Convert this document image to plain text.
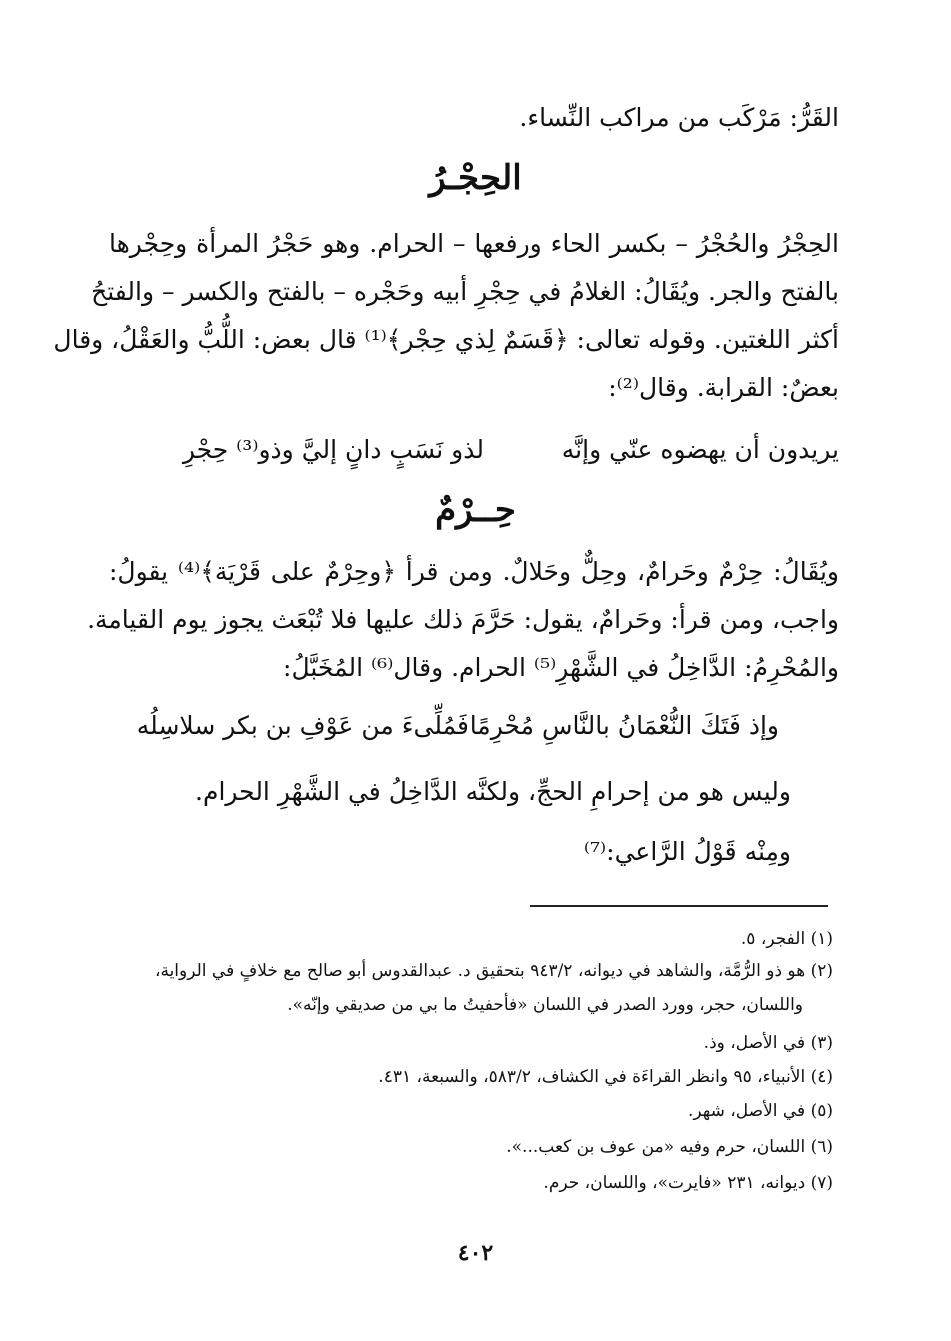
القَرُّ: مَرْكَب من مراكب النِّساء.
الحِجْـرُ
الحِجْرُ والحُجْرُ – بكسر الحاء ورفعها – الحرام. وهو حَجْرُ المرأة وحِجْرها
بالفتح والجر. ويُقَالُ: الغلامُ في حِجْرِ أبيه وحَجْره – بالفتح والكسر – والفتحُ
أكثر اللغتين. وقوله تعالى: ﴿قَسَمٌ لِذي حِجْر﴾⁽¹⁾ قال بعض: اللُّبُّ والعَقْلُ، وقال
بعضٌ: القرابة. وقال⁽²⁾:
يريدون أن يهضوه عنّي وإنَّه
لذو نَسَبٍ دانٍ إليَّ وذو⁽³⁾ حِجْرِ
حِــرْمٌ
ويُقَالُ: حِرْمٌ وحَرامٌ، وحِلٌّ وحَلالٌ. ومن قرأ ﴿وحِرْمٌ على قَرْيَة﴾⁽⁴⁾ يقولُ:
واجب، ومن قرأ: وحَرامٌ، يقول: حَرَّمَ ذلك عليها فلا تُبْعَث يجوز يوم القيامة.
والمُحْرِمُ: الدَّاخِلُ في الشَّهْرِ⁽⁵⁾ الحرام. وقال⁽⁶⁾ المُخَبَّلُ:
وإذ فَتَكَ النُّعْمَانُ بالنَّاسِ مُحْرِمًا
فَمُلِّىءَ من عَوْفِ بن بكر سلاسِلُه
وليس هو من إحرامِ الحجِّ، ولكنَّه الدَّاخِلُ في الشَّهْرِ الحرام.
ومِنْه قَوْلُ الرَّاعي:⁽⁷⁾
(١) الفجر، ٥.
(٢) هو ذو الرُّمَّة، والشاهد في ديوانه، ٩٤٣/٢ بتحقيق د. عبدالقدوس أبو صالح مع خلافٍ في الرواية،
واللسان، حجر، وورد الصدر في اللسان «فأحفيتُ ما بي من صديقي وإنّه».
(٣) في الأصل، وذ.
(٤) الأنبياء، ٩٥ وانظر القراءَة في الكشاف، ٥٨٣/٢، والسبعة، ٤٣١.
(٥) في الأصل، شهر.
(٦) اللسان، حرم وفيه «من عوف بن كعب...».
(٧) ديوانه، ٢٣١ «فايرت»، واللسان، حرم.
٤٠٢
